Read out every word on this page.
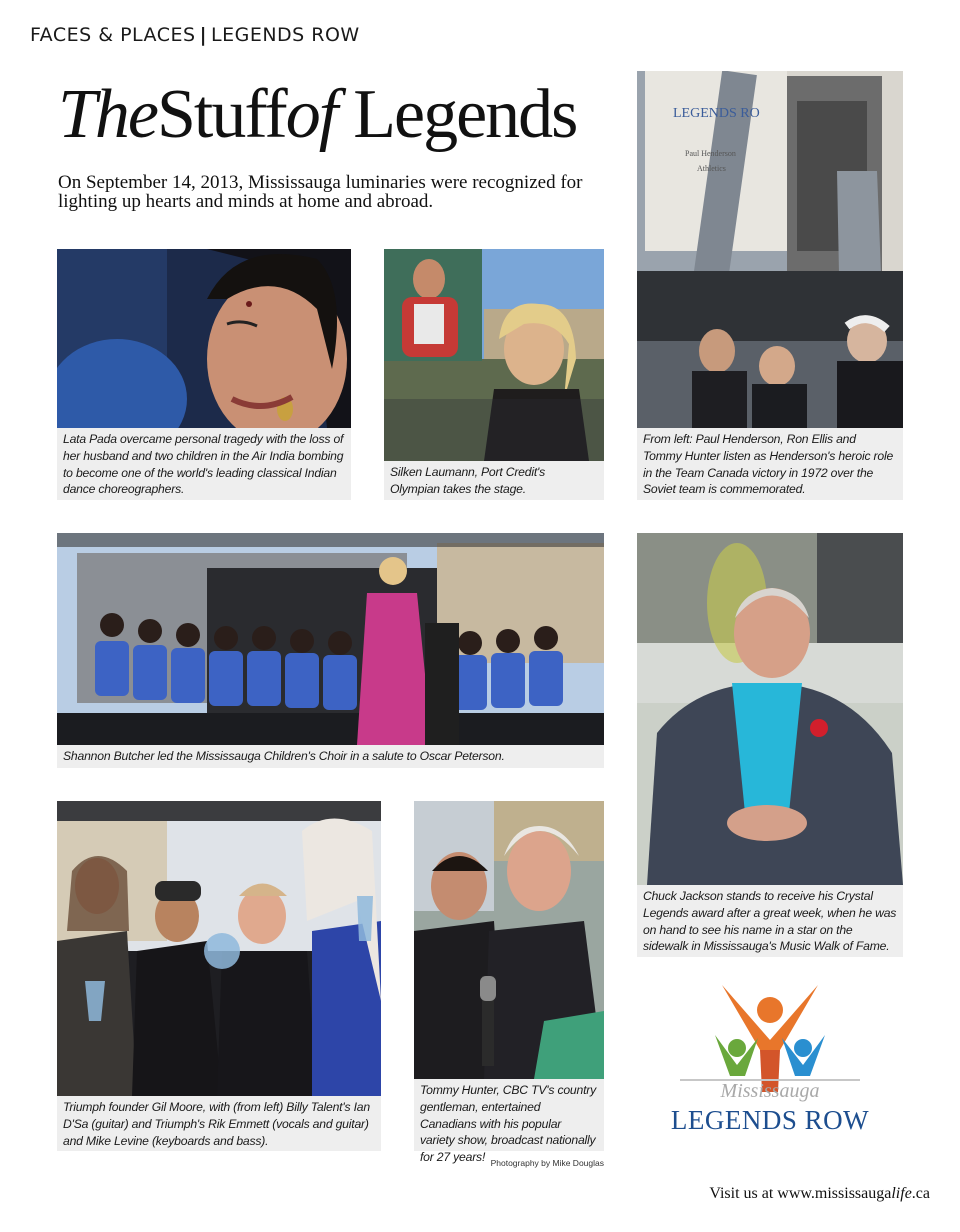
FACES & PLACES | LEGENDS ROW
TheStuffof Legends
On September 14, 2013, Mississauga luminaries were recognized for lighting up hearts and minds at home and abroad.
Lata Pada overcame personal tragedy with the loss of her husband and two children in the Air India bombing to become one of the world's leading classical Indian dance choreographers.
Silken Laumann, Port Credit's Olympian takes the stage.
LEGENDS RO
Paul Henderson
Athletics
From left: Paul Henderson, Ron Ellis and Tommy Hunter listen as Henderson's heroic role in the Team Canada victory in 1972 over the Soviet team is commemorated.
Shannon Butcher led the Mississauga Children's Choir in a salute to Oscar Peterson.
Chuck Jackson stands to receive his Crystal Legends award after a great week, when he was on hand to see his name in a star on the sidewalk in Mississauga's Music Walk of Fame.
Triumph founder Gil Moore, with (from left) Billy Talent's Ian D'Sa (guitar) and Triumph's Rik Emmett (vocals and guitar) and Mike Levine (keyboards and bass).
Tommy Hunter, CBC TV's country gentleman, entertained Canadians with his popular variety show, broadcast nationally for 27 years!
Mississauga
LEGENDS ROW
Photography by Mike Douglas
Visit us at www.mississaugalife.ca
